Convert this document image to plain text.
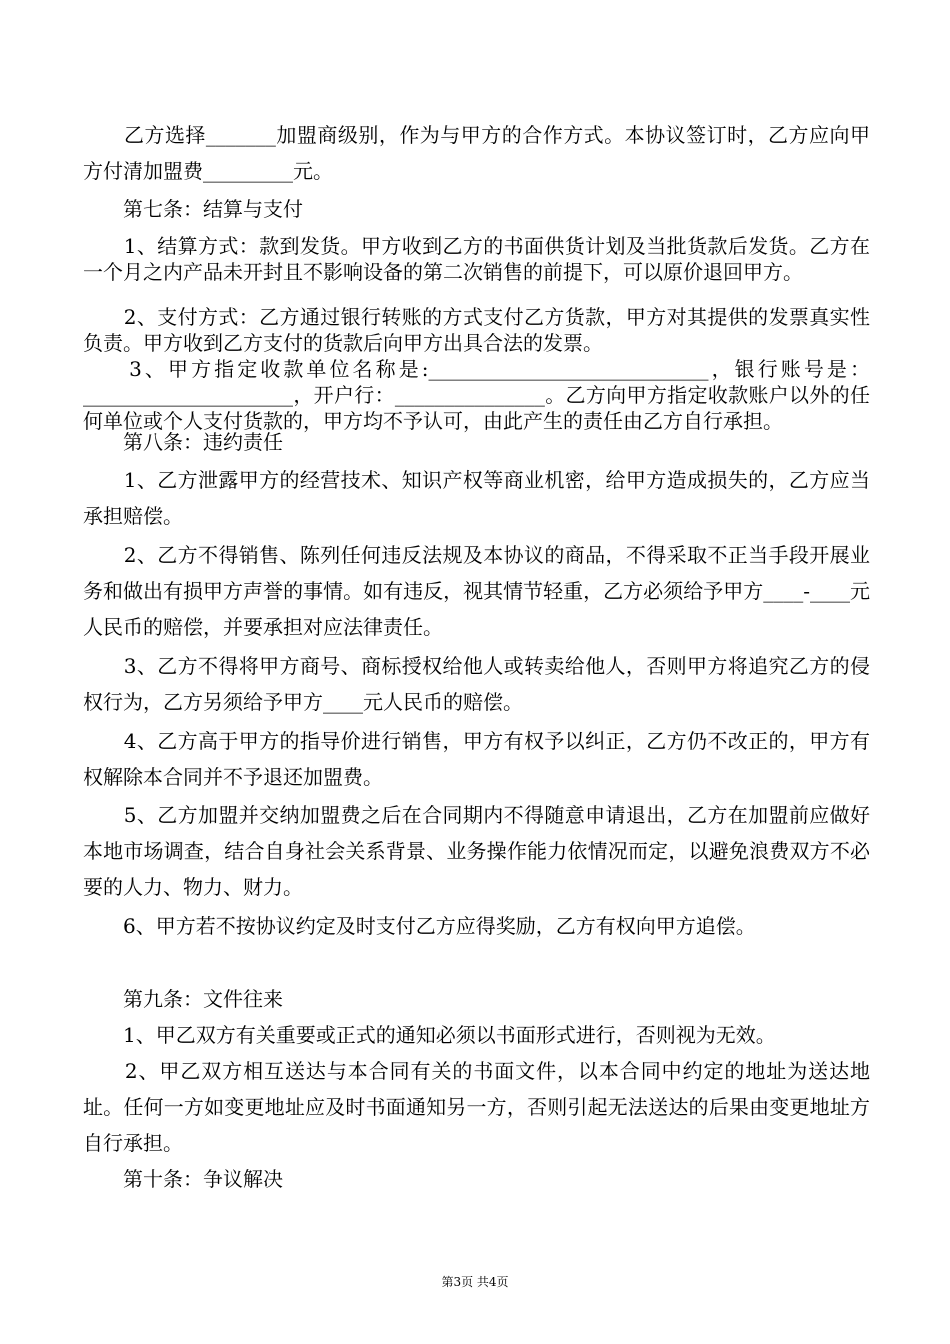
　　乙方选择_______加盟商级别，作为与甲方的合作方式。本协议签订时，乙方应向甲方付清加盟费_________元。

　　第七条：结算与支付

　　1、结算方式：款到发货。甲方收到乙方的书面供货计划及当批货款后发货。乙方在一个月之内产品未开封且不影响设备的第二次销售的前提下，可以原价退回甲方。

　　2、支付方式：乙方通过银行转账的方式支付乙方货款，甲方对其提供的发票真实性负责。甲方收到乙方支付的货款后向甲方出具合法的发票。

　　3、甲方指定收款单位名称是:____________________________，银行账号是：_____________________，开户行：_______________。乙方向甲方指定收款账户以外的任何单位或个人支付货款的，甲方均不予认可，由此产生的责任由乙方自行承担。

　　第八条：违约责任

　　1、乙方泄露甲方的经营技术、知识产权等商业机密，给甲方造成损失的，乙方应当承担赔偿。

　　2、乙方不得销售、陈列任何违反法规及本协议的商品，不得采取不正当手段开展业务和做出有损甲方声誉的事情。如有违反，视其情节轻重，乙方必须给予甲方____-____元人民币的赔偿，并要承担对应法律责任。

　　3、乙方不得将甲方商号、商标授权给他人或转卖给他人，否则甲方将追究乙方的侵权行为，乙方另须给予甲方____元人民币的赔偿。

　　4、乙方高于甲方的指导价进行销售，甲方有权予以纠正，乙方仍不改正的，甲方有权解除本合同并不予退还加盟费。

　　5、乙方加盟并交纳加盟费之后在合同期内不得随意申请退出，乙方在加盟前应做好本地市场调查，结合自身社会关系背景、业务操作能力依情况而定，以避免浪费双方不必要的人力、物力、财力。

　　6、甲方若不按协议约定及时支付乙方应得奖励，乙方有权向甲方追偿。

　　第九条：文件往来

　　1、甲乙双方有关重要或正式的通知必须以书面形式进行，否则视为无效。

　　2、甲乙双方相互送达与本合同有关的书面文件，以本合同中约定的地址为送达地址。任何一方如变更地址应及时书面通知另一方，否则引起无法送达的后果由变更地址方自行承担。

　　第十条：争议解决

第3页 共4页
